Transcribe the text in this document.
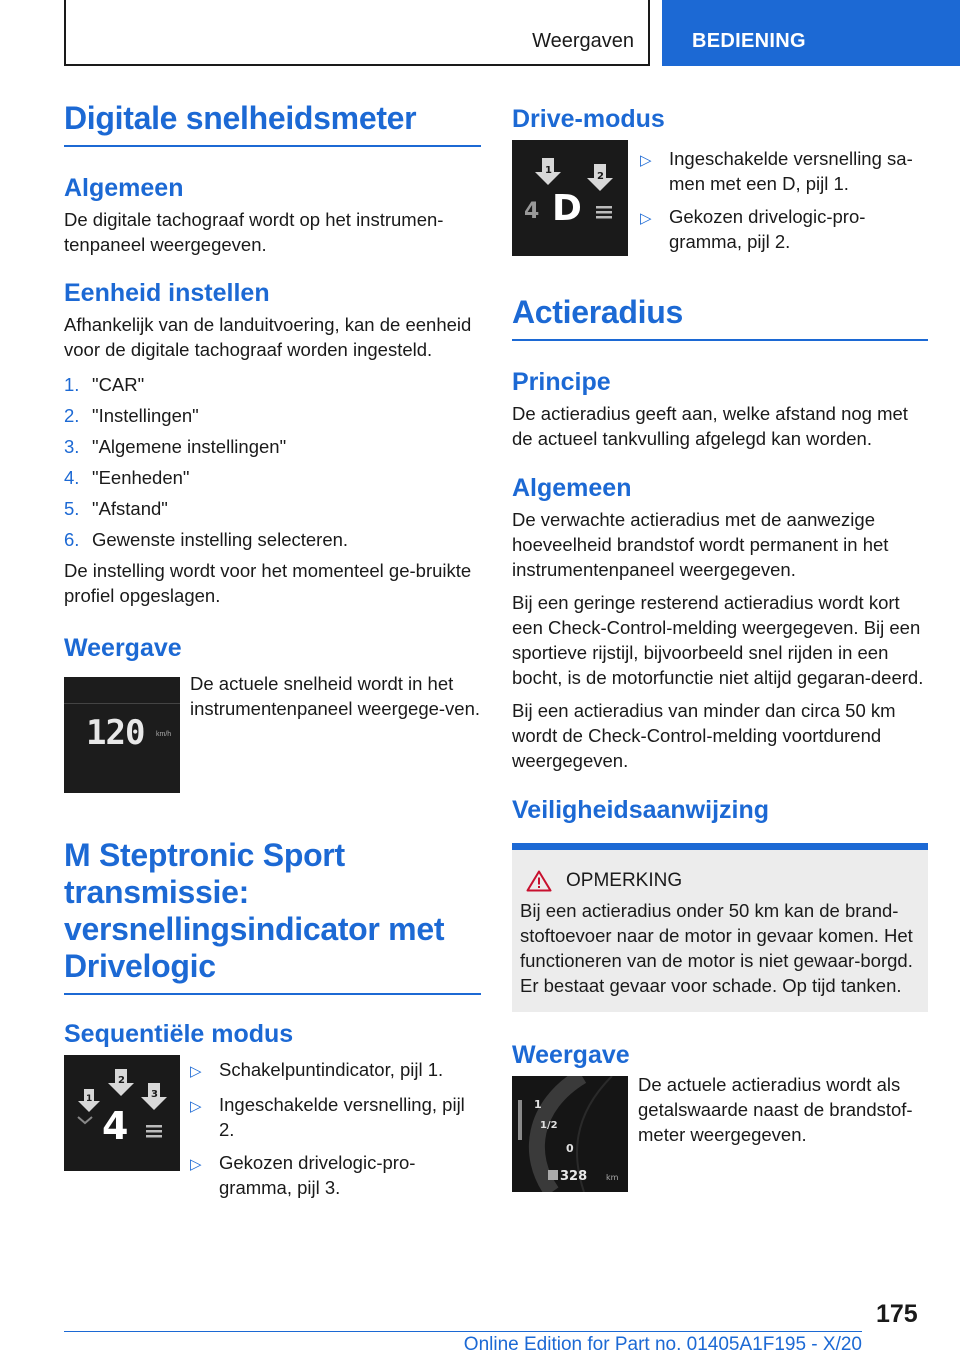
Weergaven	BEDIENING
Digitale snelheidsmeter
Algemeen

De digitale tachograaf wordt op het instrumen-tenpaneel weergegeven.

Eenheid instellen

Afhankelijk van de landuitvoering, kan de eenheid voor de digitale tachograaf worden ingesteld.

1. "CAR"
2. "Instellingen"
3. "Algemene instellingen"
4. "Eenheden"
5. "Afstand"
6. Gewenste instelling selecteren.

De instelling wordt voor het momenteel ge-bruikte profiel opgeslagen.

Weergave
120 km/h

De actuele snelheid wordt in het instrumentenpaneel weergege-ven.

M Steptronic Sport transmissie: versnellingsindicator met Drivelogic
Sequentiële modus
1
2
3
4
▷ Schakelpuntindicator, pijl 1.
▷ Ingeschakelde versnelling, pijl 2.
▷ Gekozen drivelogic-pro-gramma, pijl 3.
Drive-modus
1
2
4 D
▷ Ingeschakelde versnelling sa-men met een D, pijl 1.
▷ Gekozen drivelogic-pro-gramma, pijl 2.
Actieradius
Principe

De actieradius geeft aan, welke afstand nog met de actueel tankvulling afgelegd kan worden.

Algemeen

De verwachte actieradius met de aanwezige hoeveelheid brandstof wordt permanent in het instrumentenpaneel weergegeven.

Bij een geringe resterend actieradius wordt kort een Check-Control-melding weergegeven. Bij een sportieve rijstijl, bijvoorbeeld snel rijden in een bocht, is de motorfunctie niet altijd gegaran-deerd.

Bij een actieradius van minder dan circa 50 km wordt de Check-Control-melding voortdurend weergegeven.

Veiligheidsaanwijzing
OPMERKING

Bij een actieradius onder 50 km kan de brand-stoftoevoer naar de motor in gevaar komen. Het functioneren van de motor is niet gewaar-borgd. Er bestaat gevaar voor schade. Op tijd tanken.

Weergave
1
1/2
0
328 km

De actuele actieradius wordt als getalswaarde naast de brandstof-meter weergegeven.

175
Online Edition for Part no. 01405A1F195 - X/20
